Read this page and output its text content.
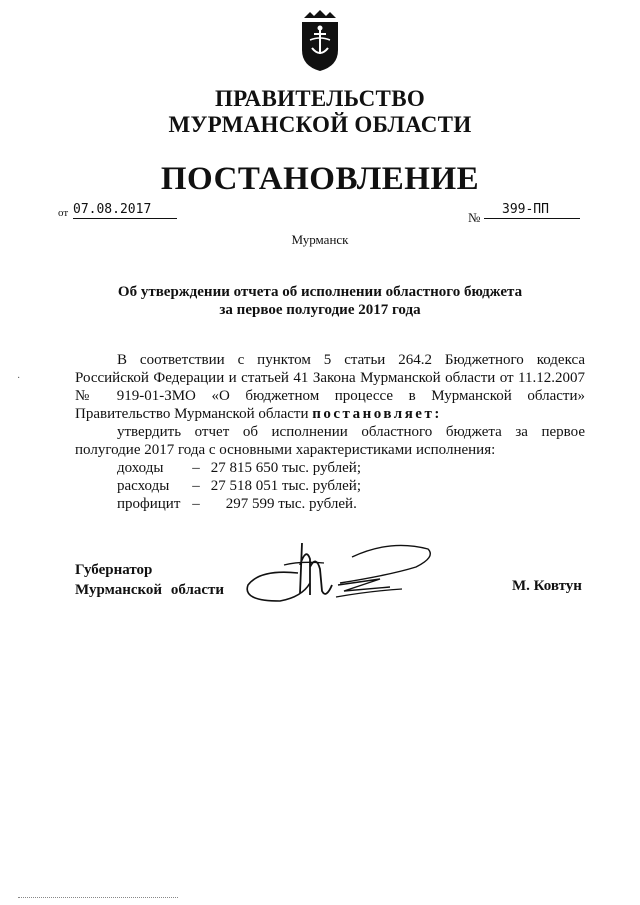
ПРАВИТЕЛЬСТВО
МУРМАНСКОЙ ОБЛАСТИ
ПОСТАНОВЛЕНИЕ
от 07.08.2017
№
399-ПП
Мурманск
Об утверждении отчета об исполнении областного бюджета
за первое полугодие 2017 года

В соответствии с пунктом 5 статьи 264.2 Бюджетного кодекса Российской Федерации и статьей 41 Закона Мурманской области от 11.12.2007 № 919-01-ЗМО «О бюджетном процессе в Мурманской области» Правительство Мурманской области постановляет:

утвердить отчет об исполнении областного бюджета за первое полугодие 2017 года с основными характеристиками исполнения:

доходы – 27 815 650 тыс. рублей;

расходы – 27 518 051 тыс. рублей;

профицит – 297 599 тыс. рублей.

Губернатор
Мурманской области	М. Ковтун
·
